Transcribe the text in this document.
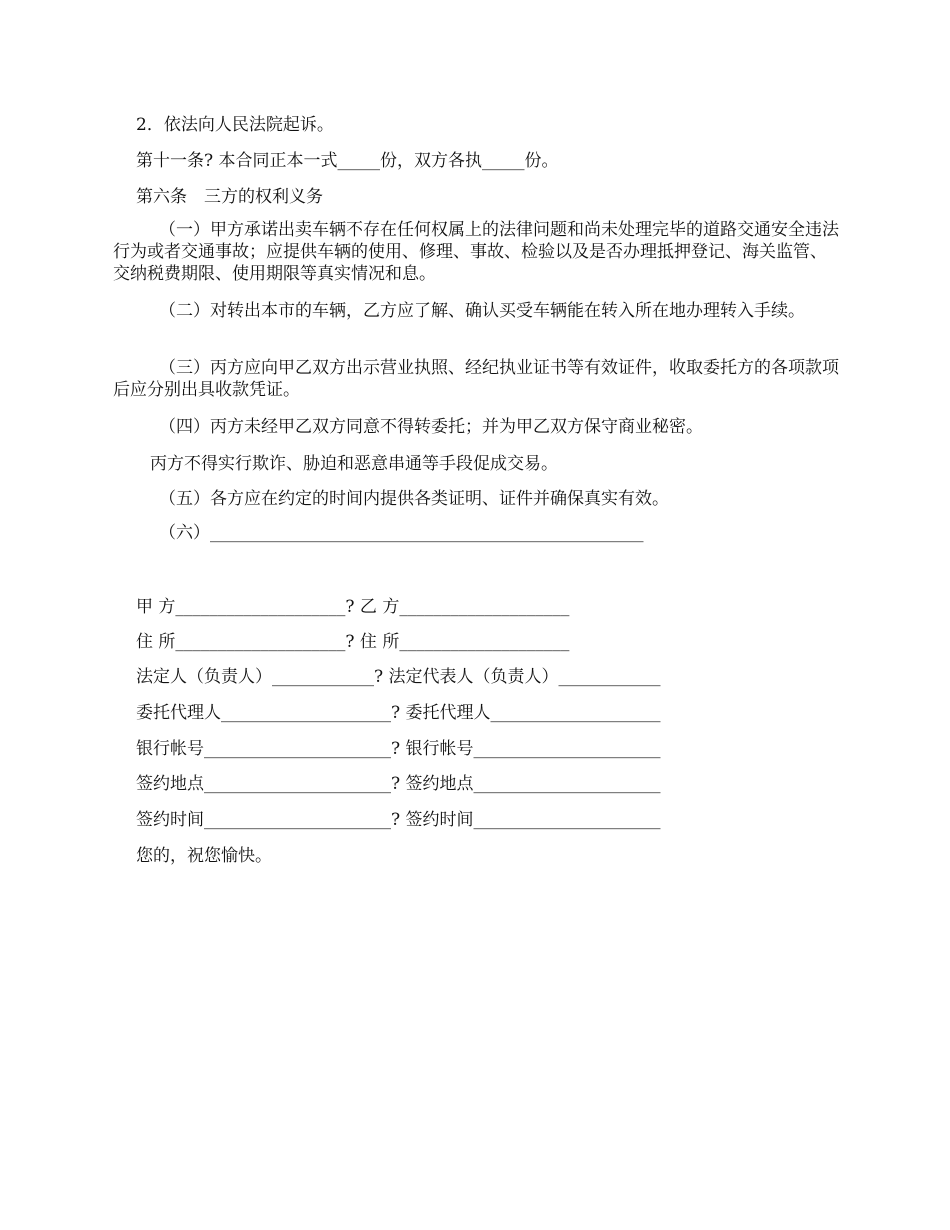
2．依法向人民法院起诉。
第十一条? 本合同正本一式_____份，双方各执_____份。
第六条　三方的权利义务
（一）甲方承诺出卖车辆不存在任何权属上的法律问题和尚未处理完毕的道路交通安全违法行为或者交通事故；应提供车辆的使用、修理、事故、检验以及是否办理抵押登记、海关监管、交纳税费期限、使用期限等真实情况和息。
（二）对转出本市的车辆，乙方应了解、确认买受车辆能在转入所在地办理转入手续。
（三）丙方应向甲乙双方出示营业执照、经纪执业证书等有效证件，收取委托方的各项款项后应分别出具收款凭证。
（四）丙方未经甲乙双方同意不得转委托；并为甲乙双方保守商业秘密。
丙方不得实行欺诈、胁迫和恶意串通等手段促成交易。
（五）各方应在约定的时间内提供各类证明、证件并确保真实有效。
（六）___________________________________________________
甲 方____________________? 乙 方____________________
住 所____________________? 住 所____________________
法定人（负责人）____________? 法定代表人（负责人）____________
委托代理人____________________? 委托代理人____________________
银行帐号______________________? 银行帐号______________________
签约地点______________________? 签约地点______________________
签约时间______________________? 签约时间______________________
您的，祝您愉快。
